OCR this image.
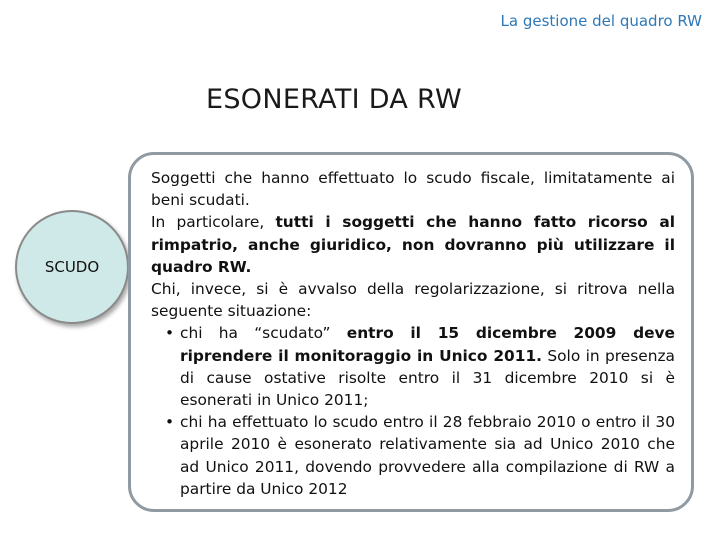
La gestione del quadro RW
ESONERATI DA RW
SCUDO

Soggetti che hanno effettuato lo scudo fiscale, limitatamente ai beni scudati.

In particolare, tutti i soggetti che hanno fatto ricorso al rimpatrio, anche giuridico, non dovranno più utilizzare il quadro RW.

Chi, invece, si è avvalso della regolarizzazione, si ritrova nella seguente situazione:

• chi ha “scudato” entro il 15 dicembre 2009 deve riprendere il monitoraggio in Unico 2011. Solo in presenza di cause ostative risolte entro il 31 dicembre 2010 si è esonerati in Unico 2011;
• chi ha effettuato lo scudo entro il 28 febbraio 2010 o entro il 30 aprile 2010 è esonerato relativamente sia ad Unico 2010 che ad Unico 2011, dovendo provvedere alla compilazione di RW a partire da Unico 2012
